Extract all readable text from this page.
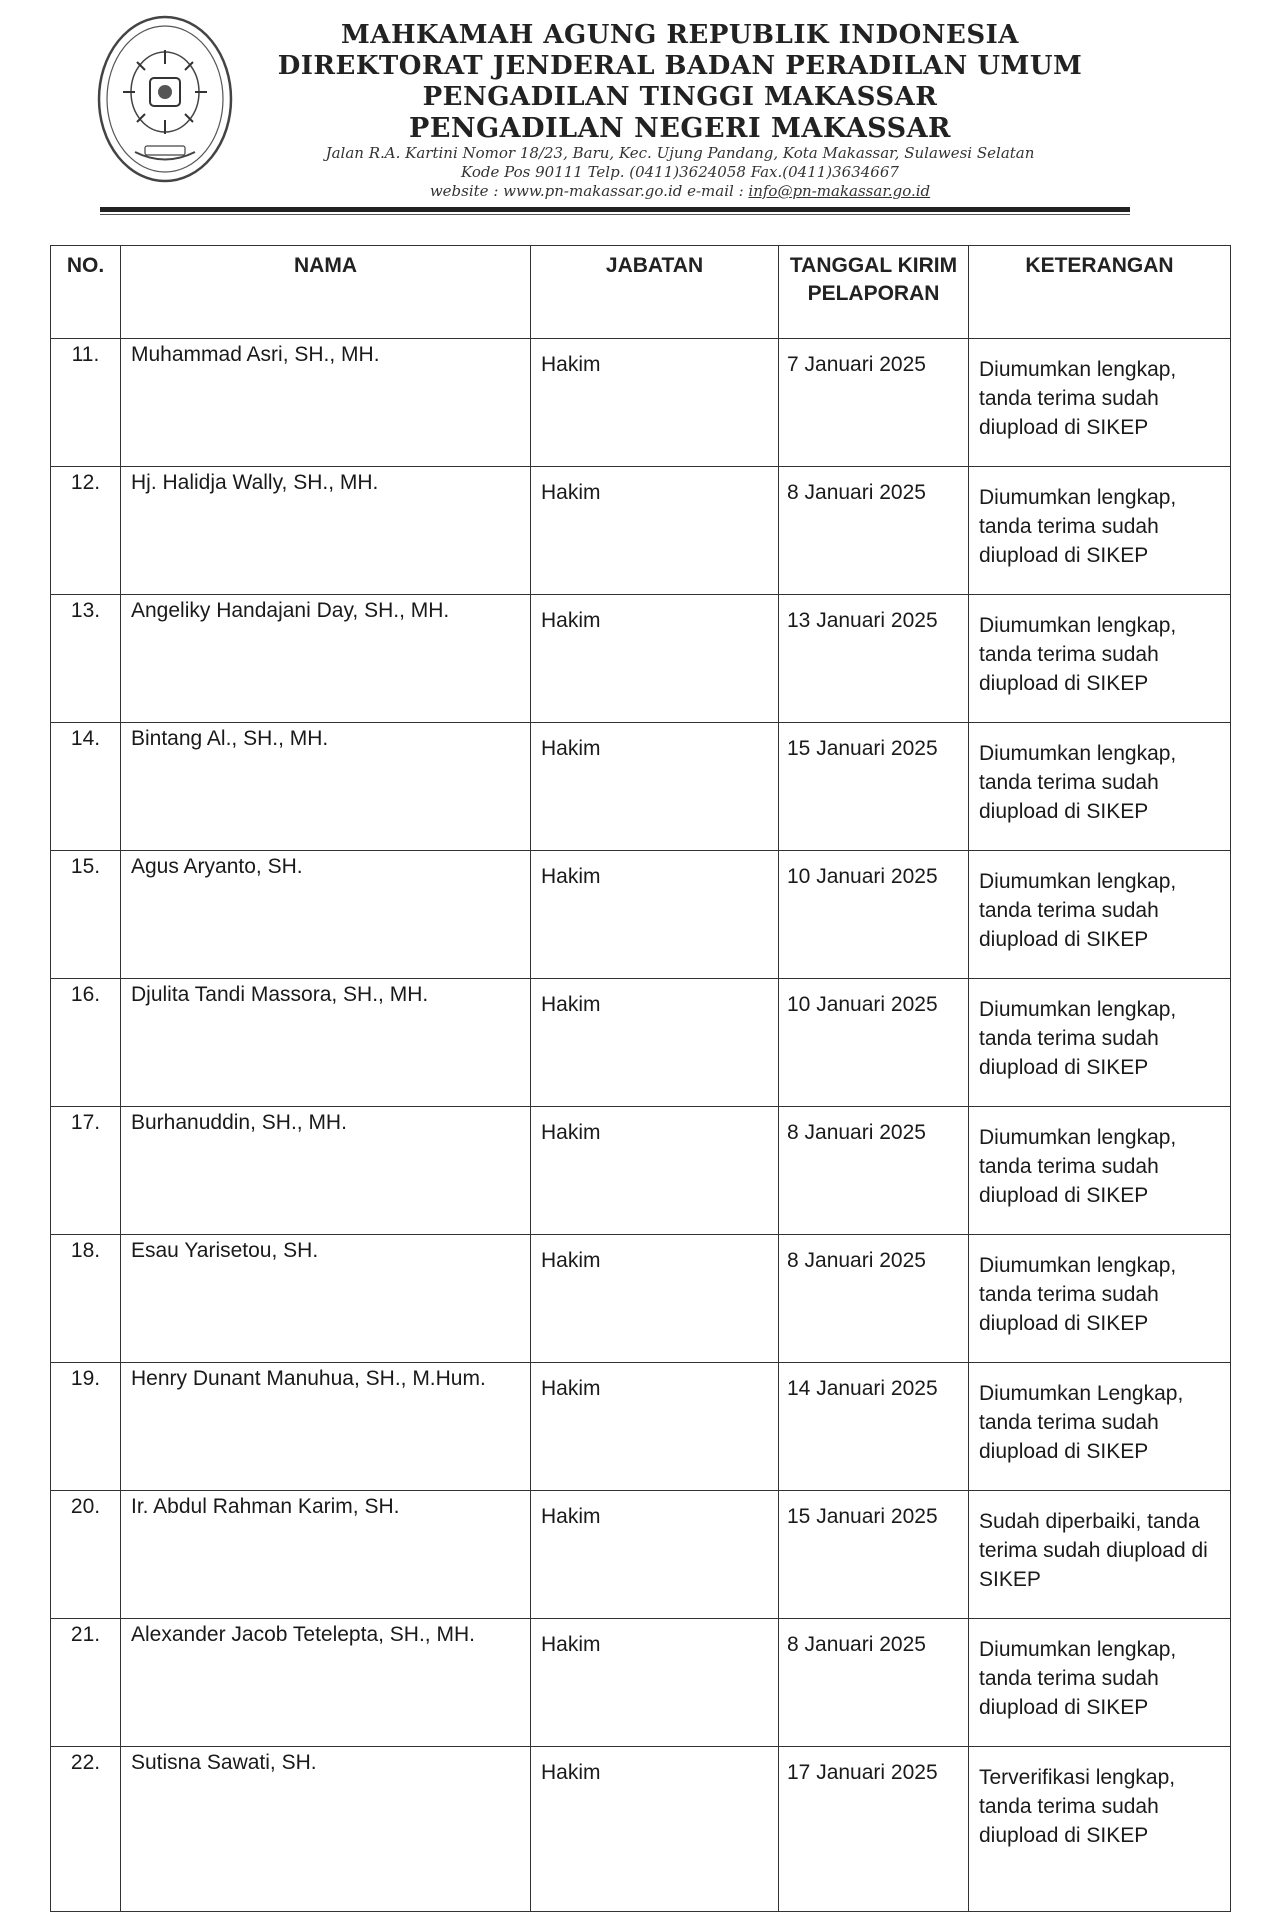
MAHKAMAH AGUNG REPUBLIK INDONESIA
DIREKTORAT JENDERAL BADAN PERADILAN UMUM
PENGADILAN TINGGI MAKASSAR
PENGADILAN NEGERI MAKASSAR
Jalan R.A. Kartini Nomor 18/23, Baru, Kec. Ujung Pandang, Kota Makassar, Sulawesi Selatan
Kode Pos 90111 Telp. (0411)3624058 Fax.(0411)3634667
website : www.pn-makassar.go.id e-mail : info@pn-makassar.go.id
NO.	NAMA	JABATAN	TANGGAL KIRIM PELAPORAN	KETERANGAN
11.	Muhammad Asri, SH., MH.	Hakim	7 Januari 2025	Diumumkan lengkap, tanda terima sudah diupload di SIKEP
12.	Hj. Halidja Wally, SH., MH.	Hakim	8 Januari 2025	Diumumkan lengkap, tanda terima sudah diupload di SIKEP
13.	Angeliky Handajani Day, SH., MH.	Hakim	13 Januari 2025	Diumumkan lengkap, tanda terima sudah diupload di SIKEP
14.	Bintang Al., SH., MH.	Hakim	15 Januari 2025	Diumumkan lengkap, tanda terima sudah diupload di SIKEP
15.	Agus Aryanto, SH.	Hakim	10 Januari 2025	Diumumkan lengkap, tanda terima sudah diupload di SIKEP
16.	Djulita Tandi Massora, SH., MH.	Hakim	10 Januari 2025	Diumumkan lengkap, tanda terima sudah diupload di SIKEP
17.	Burhanuddin, SH., MH.	Hakim	8 Januari 2025	Diumumkan lengkap, tanda terima sudah diupload di SIKEP
18.	Esau Yarisetou, SH.	Hakim	8 Januari 2025	Diumumkan lengkap, tanda terima sudah diupload di SIKEP
19.	Henry Dunant Manuhua, SH., M.Hum.	Hakim	14 Januari 2025	Diumumkan Lengkap, tanda terima sudah diupload di SIKEP
20.	Ir. Abdul Rahman Karim, SH.	Hakim	15 Januari 2025	Sudah diperbaiki, tanda terima sudah diupload di SIKEP
21.	Alexander Jacob Tetelepta, SH., MH.	Hakim	8 Januari 2025	Diumumkan lengkap, tanda terima sudah diupload di SIKEP
22.	Sutisna Sawati, SH.	Hakim	17 Januari 2025	Terverifikasi lengkap, tanda terima sudah diupload di SIKEP
